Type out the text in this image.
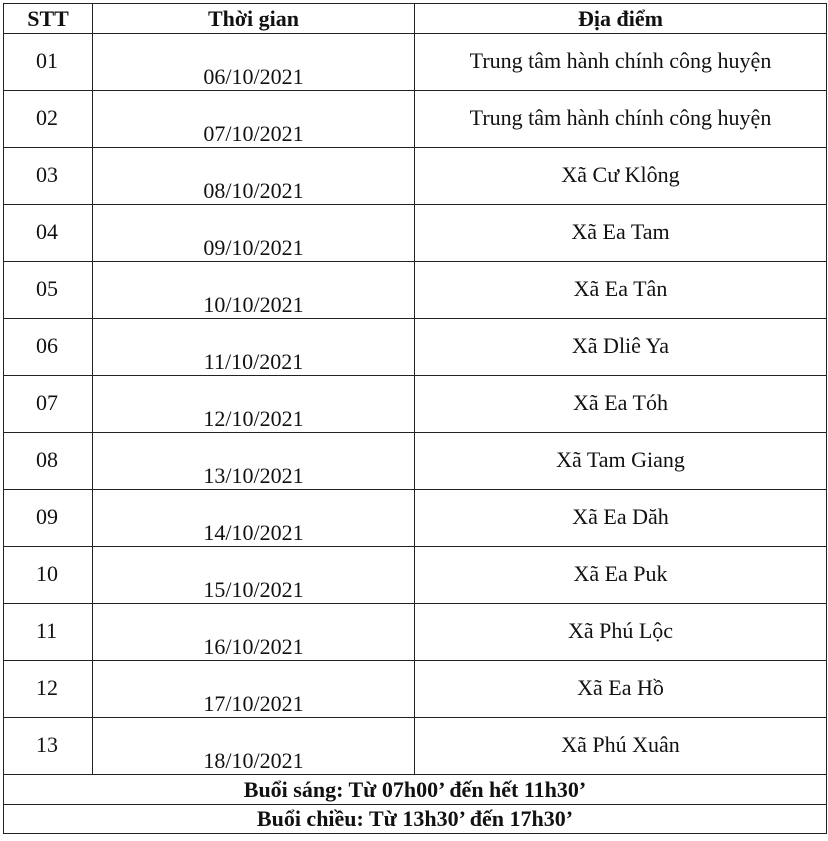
STT	Thời gian	Địa điểm
01	06/10/2021	Trung tâm hành chính công huyện
02	07/10/2021	Trung tâm hành chính công huyện
03	08/10/2021	Xã Cư Klông
04	09/10/2021	Xã Ea Tam
05	10/10/2021	Xã Ea Tân
06	11/10/2021	Xã Dliê Ya
07	12/10/2021	Xã Ea Tóh
08	13/10/2021	Xã Tam Giang
09	14/10/2021	Xã Ea Dăh
10	15/10/2021	Xã Ea Puk
11	16/10/2021	Xã Phú Lộc
12	17/10/2021	Xã Ea Hồ
13	18/10/2021	Xã Phú Xuân
Buổi sáng: Từ 07h00’ đến hết 11h30’		
Buổi chiều: Từ 13h30’ đến 17h30’		
